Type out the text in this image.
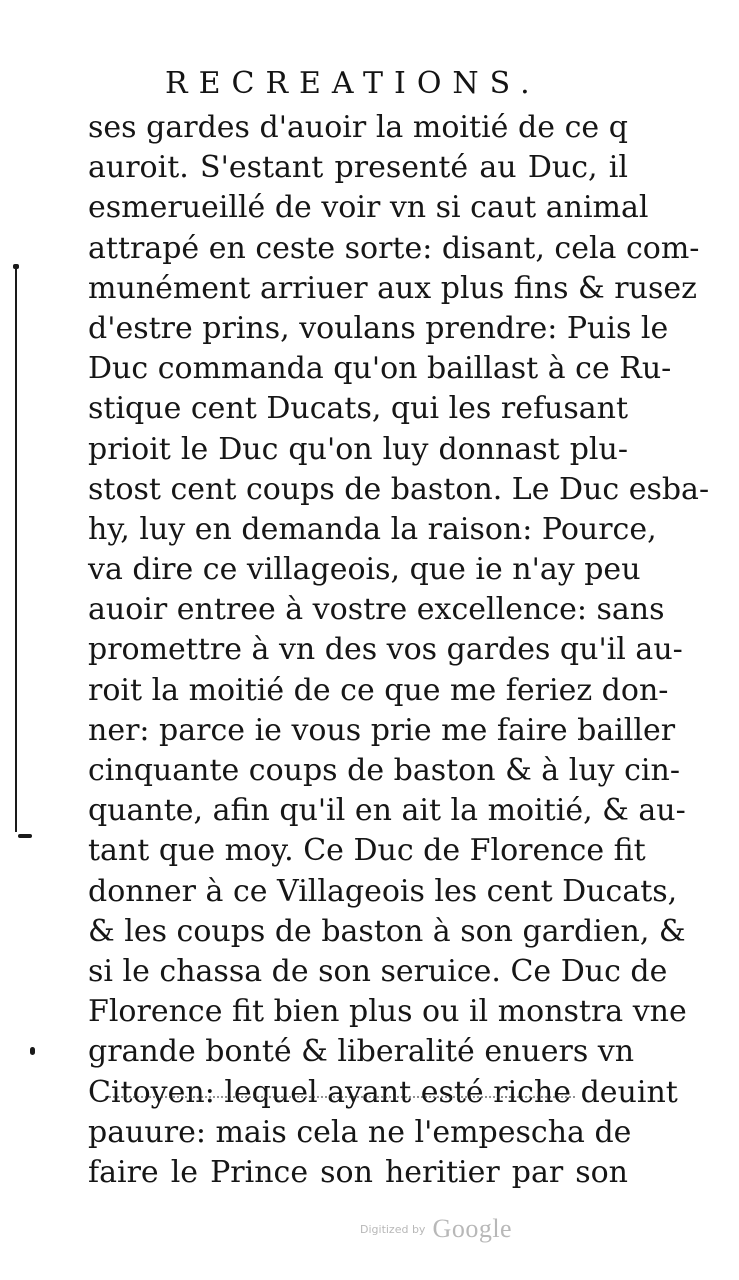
RECREATIONS.
ses gardes d'auoir la moitié de ce q
auroit. S'estant presenté au Duc, il
esmerueillé de voir vn si caut animal
attrapé en ceste sorte: disant, cela com-
munément arriuer aux plus fins & rusez
d'estre prins, voulans prendre: Puis le
Duc commanda qu'on baillast à ce Ru-
stique cent Ducats, qui les refusant
prioit le Duc qu'on luy donnast plu-
stost cent coups de baston. Le Duc esba-
hy, luy en demanda la raison: Pource,
va dire ce villageois, que ie n'ay peu
auoir entree à vostre excellence: sans
promettre à vn des vos gardes qu'il au-
roit la moitié de ce que me feriez don-
ner: parce ie vous prie me faire bailler
cinquante coups de baston & à luy cin-
quante, afin qu'il en ait la moitié, & au-
tant que moy. Ce Duc de Florence fit
donner à ce Villageois les cent Ducats,
& les coups de baston à son gardien, &
si le chassa de son seruice. Ce Duc de
Florence fit bien plus ou il monstra vne
grande bonté & liberalité enuers vn
Citoyen: lequel ayant esté riche deuint
pauure: mais cela ne l'empescha de
faire le Prince son heritier par son
Digitized by Google
